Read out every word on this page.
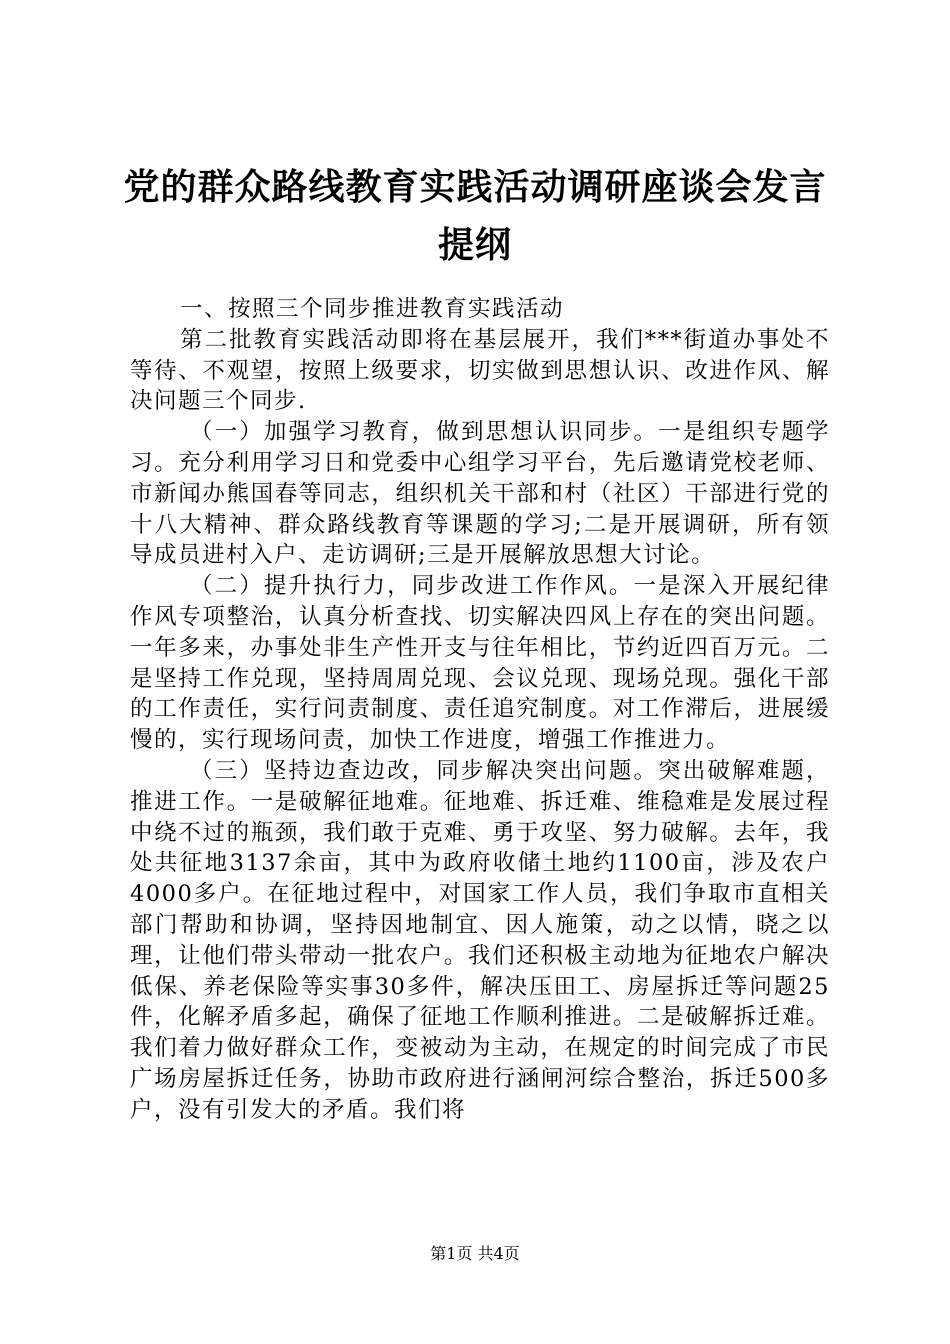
党的群众路线教育实践活动调研座谈会发言提纲

一、按照三个同步推进教育实践活动

第二批教育实践活动即将在基层展开，我们***街道办事处不等待、不观望，按照上级要求，切实做到思想认识、改进作风、解决问题三个同步.

（一）加强学习教育，做到思想认识同步。一是组织专题学习。充分利用学习日和党委中心组学习平台，先后邀请党校老师、市新闻办熊国春等同志，组织机关干部和村（社区）干部进行党的十八大精神、群众路线教育等课题的学习;二是开展调研，所有领导成员进村入户、走访调研;三是开展解放思想大讨论。

（二）提升执行力，同步改进工作作风。一是深入开展纪律作风专项整治，认真分析查找、切实解决四风上存在的突出问题。一年多来，办事处非生产性开支与往年相比，节约近四百万元。二是坚持工作兑现，坚持周周兑现、会议兑现、现场兑现。强化干部的工作责任，实行问责制度、责任追究制度。对工作滞后，进展缓慢的，实行现场问责，加快工作进度，增强工作推进力。

（三）坚持边查边改，同步解决突出问题。突出破解难题，推进工作。一是破解征地难。征地难、拆迁难、维稳难是发展过程中绕不过的瓶颈，我们敢于克难、勇于攻坚、努力破解。去年，我处共征地3137余亩，其中为政府收储土地约1100亩，涉及农户4000多户。在征地过程中，对国家工作人员，我们争取市直相关部门帮助和协调，坚持因地制宜、因人施策，动之以情，晓之以理，让他们带头带动一批农户。我们还积极主动地为征地农户解决低保、养老保险等实事30多件，解决压田工、房屋拆迁等问题25件，化解矛盾多起，确保了征地工作顺利推进。二是破解拆迁难。我们着力做好群众工作，变被动为主动，在规定的时间完成了市民广场房屋拆迁任务，协助市政府进行涵闸河综合整治，拆迁500多户，没有引发大的矛盾。我们将

第1页 共4页
